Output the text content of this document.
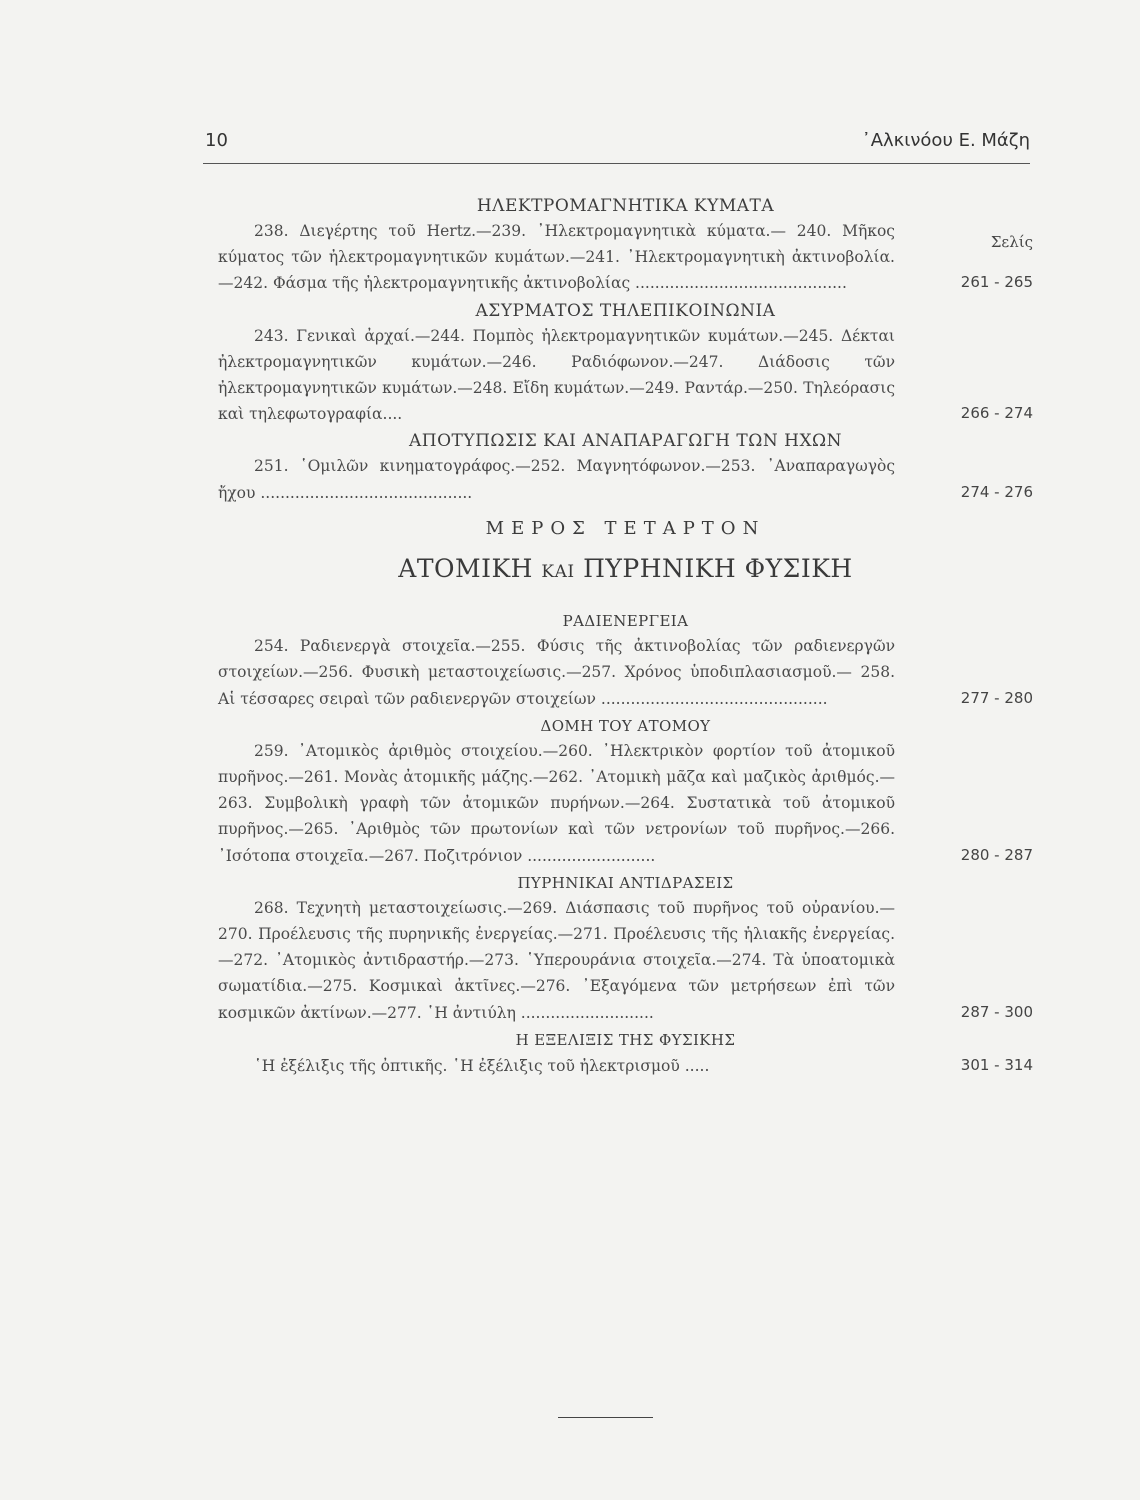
10	᾿Αλκινόου Ε. Μάζη
Σελίς
ΗΛΕΚΤΡΟΜΑΓΝΗΤΙΚΑ ΚΥΜΑΤΑ
238. Διεγέρτης τοῦ Hertz.—239. ᾿Ηλεκτρομαγνητικὰ κύματα.— 240. Μῆκος κύματος τῶν ἠλεκτρομαγνητικῶν κυμάτων.—241. ᾿Ηλεκτρομαγνητικὴ ἀκτινοβολία.—242. Φάσμα τῆς ἠλεκτρομαγνητικῆς ἀκτινοβολίας ...........................................	261 - 265
ΑΣΥΡΜΑΤΟΣ ΤΗΛΕΠΙΚΟΙΝΩΝΙΑ
243. Γενικαὶ ἀρχαί.—244. Πομπὸς ἠλεκτρομαγνητικῶν κυμάτων.—245. Δέκται ἠλεκτρομαγνητικῶν κυμάτων.—246. Ραδιόφωνον.—247. Διάδοσις τῶν ἠλεκτρομαγνητικῶν κυμάτων.—248. Εἴδη κυμάτων.—249. Ραντάρ.—250. Τηλεόρασις καὶ τηλεφωτογραφία....	266 - 274
ΑΠΟΤΥΠΩΣΙΣ ΚΑΙ ΑΝΑΠΑΡΑΓΩΓΗ ΤΩΝ ΗΧΩΝ
251. ῾Ομιλῶν κινηματογράφος.—252. Μαγνητόφωνον.—253. ᾿Αναπαραγωγὸς ἤχου ...........................................	274 - 276
ΜΕΡΟΣ ΤΕΤΑΡΤΟΝ
ΑΤΟΜΙΚΗ ΚΑΙ ΠΥΡΗΝΙΚΗ ΦΥΣΙΚΗ
ΡΑΔΙΕΝΕΡΓΕΙΑ
254. Ραδιενεργὰ στοιχεῖα.—255. Φύσις τῆς ἀκτινοβολίας τῶν ραδιενεργῶν στοιχείων.—256. Φυσικὴ μεταστοιχείωσις.—257. Χρόνος ὑποδιπλασιασμοῦ.— 258. Αἱ τέσσαρες σειραὶ τῶν ραδιενεργῶν στοιχείων ..............................................	277 - 280
ΔΟΜΗ ΤΟΥ ΑΤΟΜΟΥ
259. ᾿Ατομικὸς ἀριθμὸς στοιχείου.—260. ᾿Ηλεκτρικὸν φορτίον τοῦ ἀτομικοῦ πυρῆνος.—261. Μονὰς ἀτομικῆς μάζης.—262. ᾿Ατομικὴ μᾶζα καὶ μαζικὸς ἀριθμός.—263. Συμβολικὴ γραφὴ τῶν ἀτομικῶν πυρήνων.—264. Συστατικὰ τοῦ ἀτομικοῦ πυρῆνος.—265. ᾿Αριθμὸς τῶν πρωτονίων καὶ τῶν νετρονίων τοῦ πυρῆνος.—266. ᾿Ισότοπα στοιχεῖα.—267. Ποζιτρόνιον ..........................	280 - 287
ΠΥΡΗΝΙΚΑΙ ΑΝΤΙΔΡΑΣΕΙΣ
268. Τεχνητὴ μεταστοιχείωσις.—269. Διάσπασις τοῦ πυρῆνος τοῦ οὐρανίου.—270. Προέλευσις τῆς πυρηνικῆς ἐνεργείας.—271. Προέλευσις τῆς ἡλιακῆς ἐνεργείας.—272. ᾿Ατομικὸς ἀντιδραστήρ.—273. ῾Υπερουράνια στοιχεῖα.—274. Τὰ ὑποατομικὰ σωματίδια.—275. Κοσμικαὶ ἀκτῖνες.—276. ᾿Εξαγόμενα τῶν μετρήσεων ἐπὶ τῶν κοσμικῶν ἀκτίνων.—277. ῾Η ἀντιύλη ...........................	287 - 300
Η ΕΞΕΛΙΞΙΣ ΤΗΣ ΦΥΣΙΚΗΣ
῾Η ἐξέλιξις τῆς ὀπτικῆς. ῾Η ἐξέλιξις τοῦ ἠλεκτρισμοῦ .....	301 - 314
